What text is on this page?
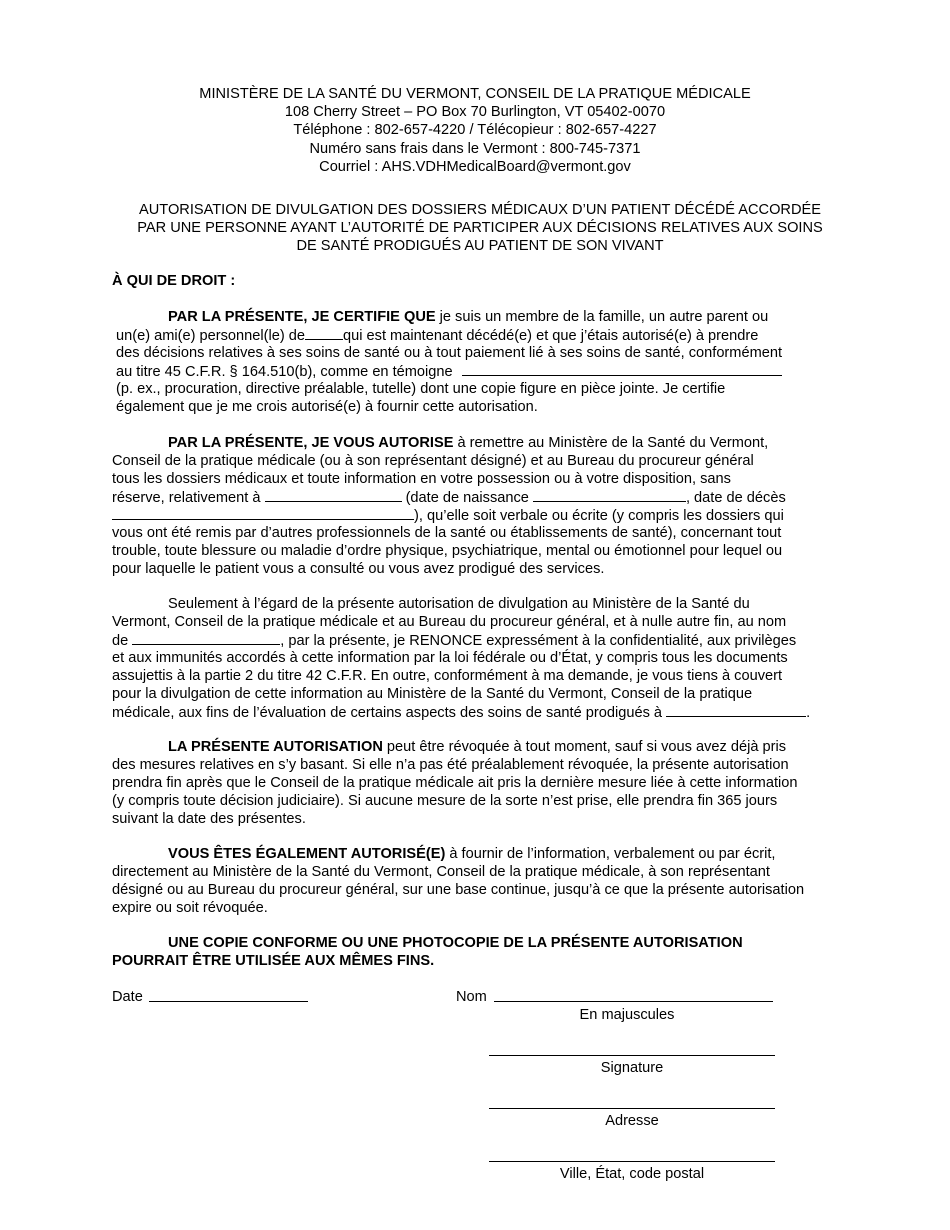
MINISTÈRE DE LA SANTÉ DU VERMONT, CONSEIL DE LA PRATIQUE MÉDICALE
108 Cherry Street – PO Box 70 Burlington, VT 05402-0070
Téléphone : 802-657-4220 / Télécopieur : 802-657-4227
Numéro sans frais dans le Vermont : 800-745-7371
Courriel : AHS.VDHMedicalBoard@vermont.gov
AUTORISATION DE DIVULGATION DES DOSSIERS MÉDICAUX D’UN PATIENT DÉCÉDÉ ACCORDÉE
PAR UNE PERSONNE AYANT L’AUTORITÉ DE PARTICIPER AUX DÉCISIONS RELATIVES AUX SOINS
DE SANTÉ PRODIGUÉS AU PATIENT DE SON VIVANT
À QUI DE DROIT :
PAR LA PRÉSENTE, JE CERTIFIE QUE je suis un membre de la famille, un autre parent ou
un(e) ami(e) personnel(le) de	qui est maintenant décédé(e) et que j’étais autorisé(e) à prendre
des décisions relatives à ses soins de santé ou à tout paiement lié à ses soins de santé, conformément
au titre 45 C.F.R. § 164.510(b), comme en témoigne
(p. ex., procuration, directive préalable, tutelle) dont une copie figure en pièce jointe. Je certifie
également que je me crois autorisé(e) à fournir cette autorisation.
PAR LA PRÉSENTE, JE VOUS AUTORISE à remettre au Ministère de la Santé du Vermont,
Conseil de la pratique médicale (ou à son représentant désigné) et au Bureau du procureur général
tous les dossiers médicaux et toute information en votre possession ou à votre disposition, sans
réserve, relativement à	(date de naissance	, date de décès
), qu’elle soit verbale ou écrite (y compris les dossiers qui
vous ont été remis par d’autres professionnels de la santé ou établissements de santé), concernant tout
trouble, toute blessure ou maladie d’ordre physique, psychiatrique, mental ou émotionnel pour lequel ou
pour laquelle le patient vous a consulté ou vous avez prodigué des services.
Seulement à l’égard de la présente autorisation de divulgation au Ministère de la Santé du
Vermont, Conseil de la pratique médicale et au Bureau du procureur général, et à nulle autre fin, au nom
de	, par la présente, je RENONCE expressément à la confidentialité, aux privilèges
et aux immunités accordés à cette information par la loi fédérale ou d’État, y compris tous les documents
assujettis à la partie 2 du titre 42 C.F.R. En outre, conformément à ma demande, je vous tiens à couvert
pour la divulgation de cette information au Ministère de la Santé du Vermont, Conseil de la pratique
médicale, aux fins de l’évaluation de certains aspects des soins de santé prodigués à	.
LA PRÉSENTE AUTORISATION peut être révoquée à tout moment, sauf si vous avez déjà pris
des mesures relatives en s’y basant. Si elle n’a pas été préalablement révoquée, la présente autorisation
prendra fin après que le Conseil de la pratique médicale ait pris la dernière mesure liée à cette information
(y compris toute décision judiciaire). Si aucune mesure de la sorte n’est prise, elle prendra fin 365 jours
suivant la date des présentes.
VOUS ÊTES ÉGALEMENT AUTORISÉ(E) à fournir de l’information, verbalement ou par écrit,
directement au Ministère de la Santé du Vermont, Conseil de la pratique médicale, à son représentant
désigné ou au Bureau du procureur général, sur une base continue, jusqu’à ce que la présente autorisation
expire ou soit révoquée.
UNE COPIE CONFORME OU UNE PHOTOCOPIE DE LA PRÉSENTE AUTORISATION
POURRAIT ÊTRE UTILISÉE AUX MÊMES FINS.
Date	Nom
En majuscules
Signature
Adresse
Ville, État, code postal
